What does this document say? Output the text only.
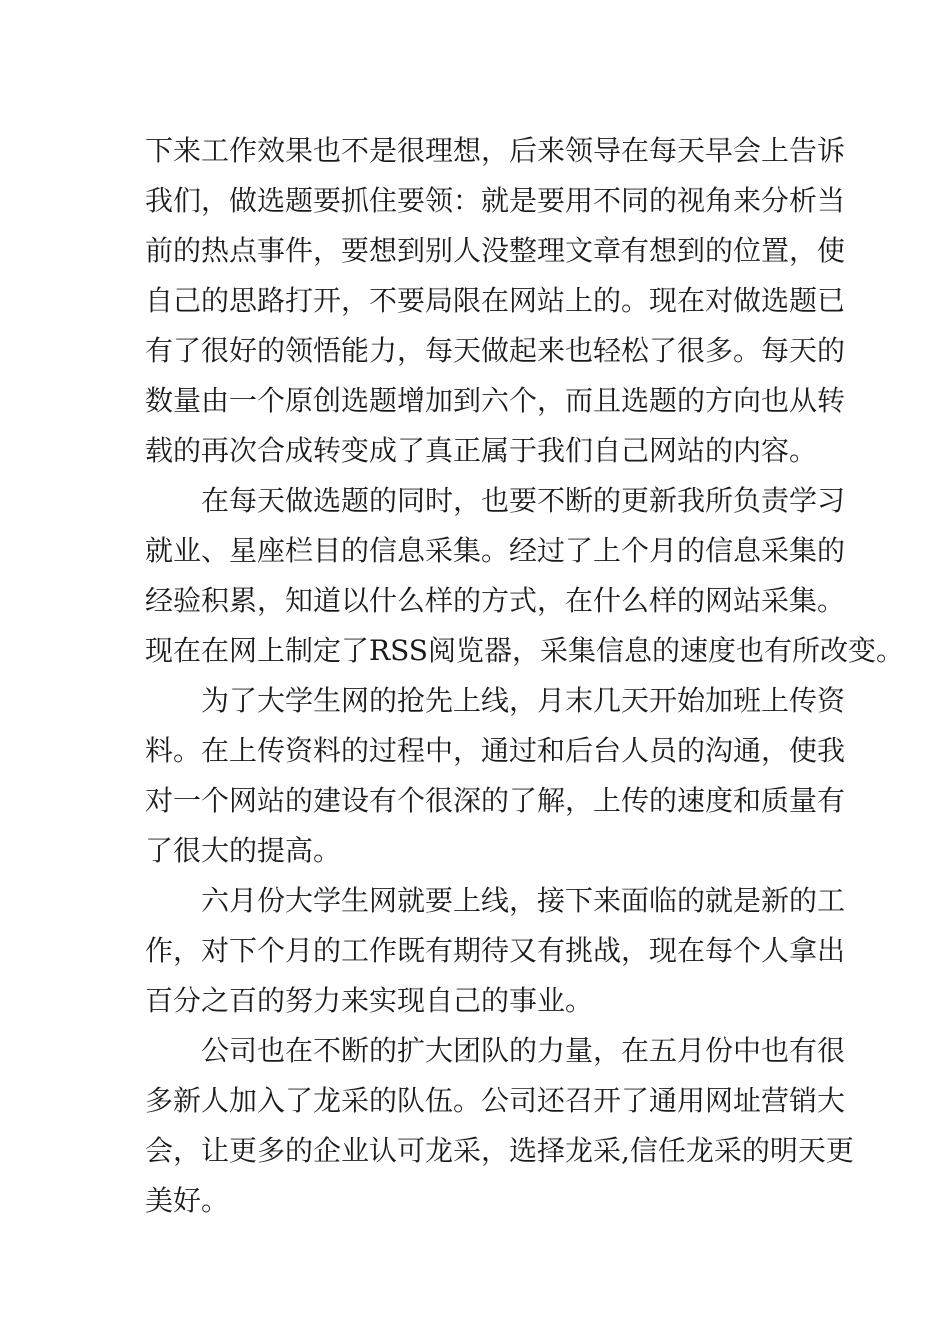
下来工作效果也不是很理想，后来领导在每天早会上告诉
我们，做选题要抓住要领：就是要用不同的视角来分析当
前的热点事件，要想到别人没整理文章有想到的位置，使
自己的思路打开，不要局限在网站上的。现在对做选题已
有了很好的领悟能力，每天做起来也轻松了很多。每天的
数量由一个原创选题增加到六个，而且选题的方向也从转
载的再次合成转变成了真正属于我们自己网站的内容。
在每天做选题的同时，也要不断的更新我所负责学习
就业、星座栏目的信息采集。经过了上个月的信息采集的
经验积累，知道以什么样的方式，在什么样的网站采集。
现在在网上制定了RSS阅览器，采集信息的速度也有所改变。
为了大学生网的抢先上线，月末几天开始加班上传资
料。在上传资料的过程中，通过和后台人员的沟通，使我
对一个网站的建设有个很深的了解，上传的速度和质量有
了很大的提高。
六月份大学生网就要上线，接下来面临的就是新的工
作，对下个月的工作既有期待又有挑战，现在每个人拿出
百分之百的努力来实现自己的事业。
公司也在不断的扩大团队的力量，在五月份中也有很
多新人加入了龙采的队伍。公司还召开了通用网址营销大
会，让更多的企业认可龙采，选择龙采,信任龙采的明天更
美好。
